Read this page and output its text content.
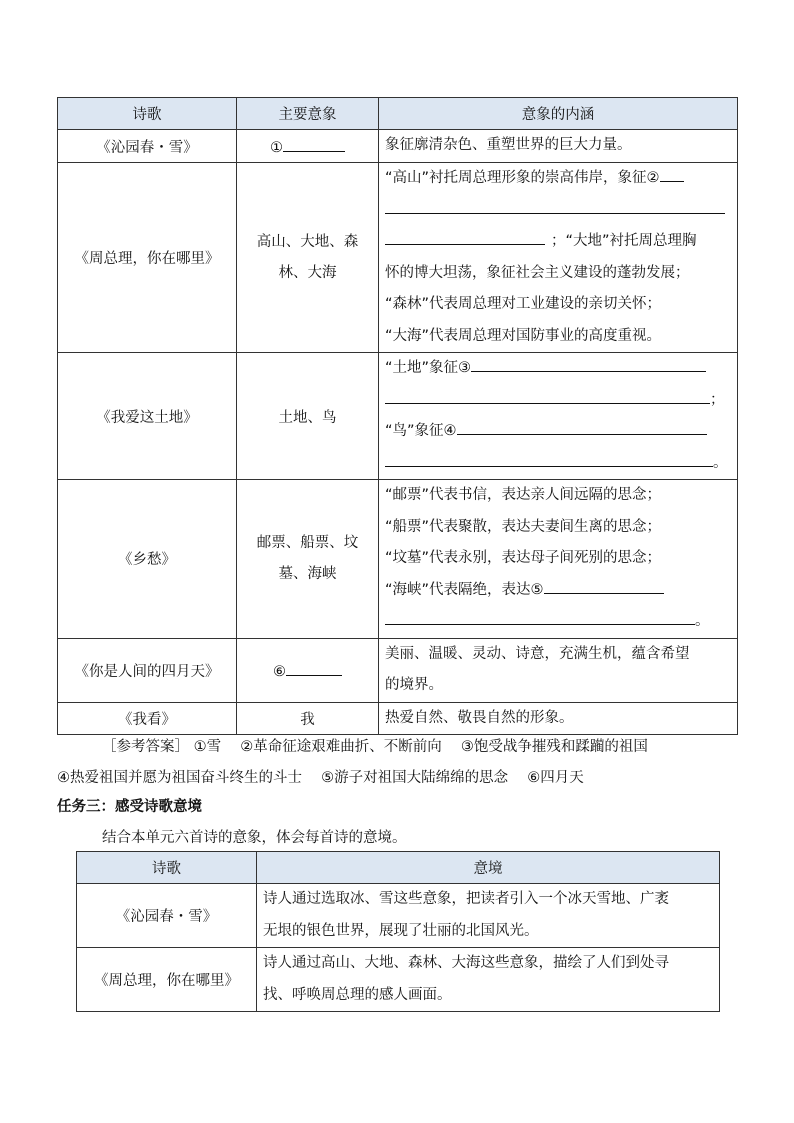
诗歌	主要意象	意象的内涵
《沁园春・雪》	①	象征廓清杂色、重塑世界的巨大力量。
《周总理，你在哪里》	高山、大地、森林、大海	“高山”衬托周总理形象的崇高伟岸，象征②
；“大地”衬托周总理胸
怀的博大坦荡，象征社会主义建设的蓬勃发展；
“森林”代表周总理对工业建设的亲切关怀；
“大海”代表周总理对国防事业的高度重视。

《我爱这土地》	土地、鸟	“土地”象征③
；
“鸟”象征④
。

《乡愁》	邮票、船票、坟墓、海峡	“邮票”代表书信，表达亲人间远隔的思念；
“船票”代表聚散，表达夫妻间生离的思念；
“坟墓”代表永别，表达母子间死别的思念；
“海峡”代表隔绝，表达⑤
。

《你是人间的四月天》	⑥	美丽、温暖、灵动、诗意，充满生机，蕴含希望
的境界。

《我看》	我	热爱自然、敬畏自然的形象。

［参考答案］ ①雪 　②革命征途艰难曲折、不断前向 　③饱受战争摧残和蹂躏的祖国

④热爱祖国并愿为祖国奋斗终生的斗士 　⑤游子对祖国大陆绵绵的思念 　⑥四月天

任务三：感受诗歌意境
结合本单元六首诗的意象，体会每首诗的意境。
诗歌	意境
《沁园春・雪》	诗人通过选取冰、雪这些意象，把读者引入一个冰天雪地、广袤
无垠的银色世界，展现了壮丽的北国风光。

《周总理，你在哪里》	诗人通过高山、大地、森林、大海这些意象，描绘了人们到处寻
找、呼唤周总理的感人画面。
